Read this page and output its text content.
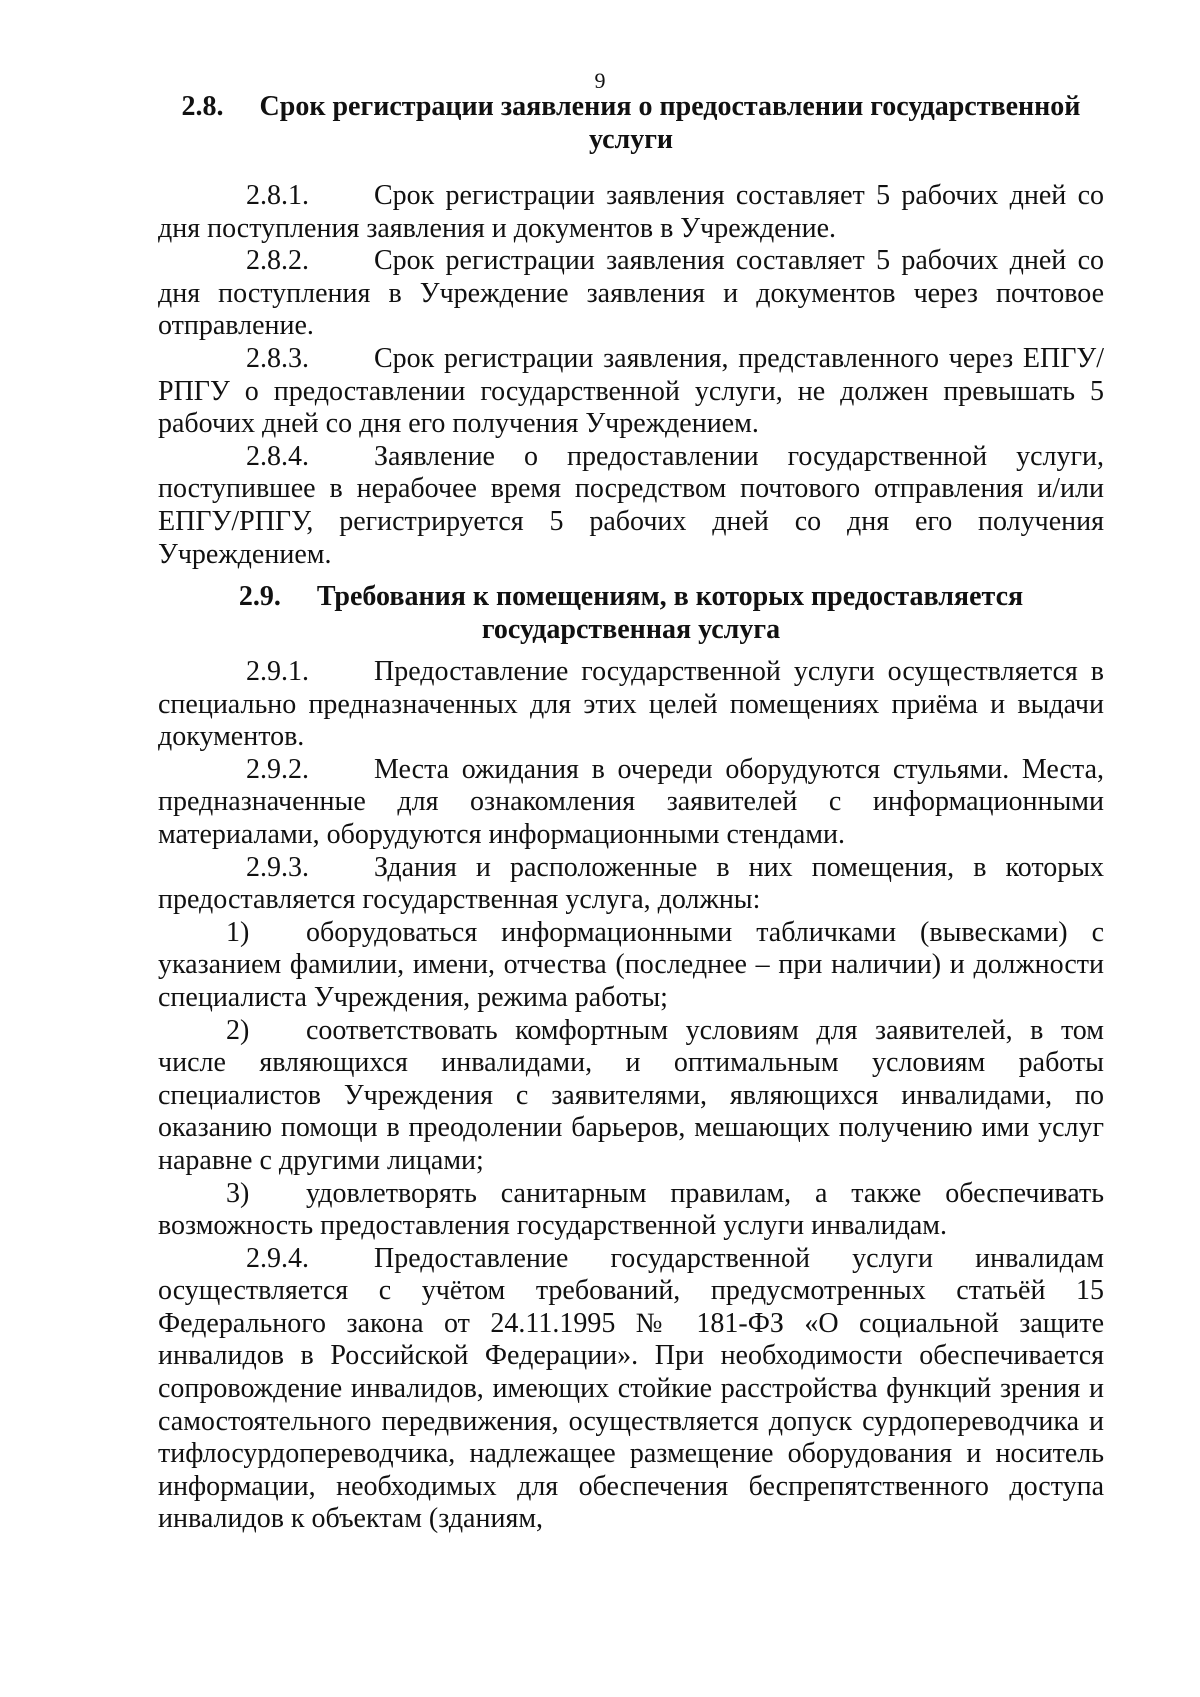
9
2.8. Срок регистрации заявления о предоставлении государственной услуги

2.8.1. Срок регистрации заявления составляет 5 рабочих дней со дня поступления заявления и документов в Учреждение.

2.8.2. Срок регистрации заявления составляет 5 рабочих дней со дня поступления в Учреждение заявления и документов через почтовое отправление.

2.8.3. Срок регистрации заявления, представленного через ЕПГУ/РПГУ о предоставлении государственной услуги, не должен превышать 5 рабочих дней со дня его получения Учреждением.

2.8.4. Заявление о предоставлении государственной услуги, поступившее в нерабочее время посредством почтового отправления и/или ЕПГУ/РПГУ, регистрируется 5 рабочих дней со дня его получения Учреждением.

2.9. Требования к помещениям, в которых предоставляется государственная услуга

2.9.1. Предоставление государственной услуги осуществляется в специально предназначенных для этих целей помещениях приёма и выдачи документов.

2.9.2. Места ожидания в очереди оборудуются стульями. Места, предназначенные для ознакомления заявителей с информационными материалами, оборудуются информационными стендами.

2.9.3. Здания и расположенные в них помещения, в которых предоставляется государственная услуга, должны:

1) оборудоваться информационными табличками (вывесками) с указанием фамилии, имени, отчества (последнее – при наличии) и должности специалиста Учреждения, режима работы;

2) соответствовать комфортным условиям для заявителей, в том числе являющихся инвалидами, и оптимальным условиям работы специалистов Учреждения с заявителями, являющихся инвалидами, по оказанию помощи в преодолении барьеров, мешающих получению ими услуг наравне с другими лицами;

3) удовлетворять санитарным правилам, а также обеспечивать возможность предоставления государственной услуги инвалидам.

2.9.4. Предоставление государственной услуги инвалидам осуществляется с учётом требований, предусмотренных статьёй 15 Федерального закона от 24.11.1995 № 181-ФЗ «О социальной защите инвалидов в Российской Федерации». При необходимости обеспечивается сопровождение инвалидов, имеющих стойкие расстройства функций зрения и самостоятельного передвижения, осуществляется допуск сурдопереводчика и тифлосурдопереводчика, надлежащее размещение оборудования и носитель информации, необходимых для обеспечения беспрепятственного доступа инвалидов к объектам (зданиям,
